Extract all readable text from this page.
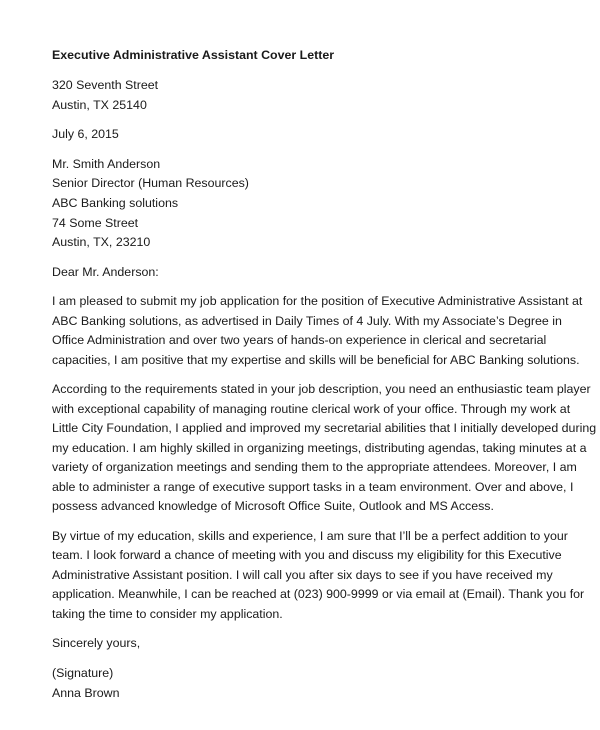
Executive Administrative Assistant Cover Letter

320 Seventh Street
Austin, TX 25140
July 6, 2015
Mr. Smith Anderson
Senior Director (Human Resources)
ABC Banking solutions
74 Some Street
Austin, TX, 23210
Dear Mr. Anderson:
I am pleased to submit my job application for the position of Executive Administrative Assistant at
ABC Banking solutions, as advertised in Daily Times of 4 July. With my Associate’s Degree in
Office Administration and over two years of hands-on experience in clerical and secretarial
capacities, I am positive that my expertise and skills will be beneficial for ABC Banking solutions.
According to the requirements stated in your job description, you need an enthusiastic team player
with exceptional capability of managing routine clerical work of your office. Through my work at
Little City Foundation, I applied and improved my secretarial abilities that I initially developed during
my education. I am highly skilled in organizing meetings, distributing agendas, taking minutes at a
variety of organization meetings and sending them to the appropriate attendees. Moreover, I am
able to administer a range of executive support tasks in a team environment. Over and above, I
possess advanced knowledge of Microsoft Office Suite, Outlook and MS Access.
By virtue of my education, skills and experience, I am sure that I’ll be a perfect addition to your
team. I look forward a chance of meeting with you and discuss my eligibility for this Executive
Administrative Assistant position. I will call you after six days to see if you have received my
application. Meanwhile, I can be reached at (023) 900-9999 or via email at (Email). Thank you for
taking the time to consider my application.
Sincerely yours,
(Signature)
Anna Brown
